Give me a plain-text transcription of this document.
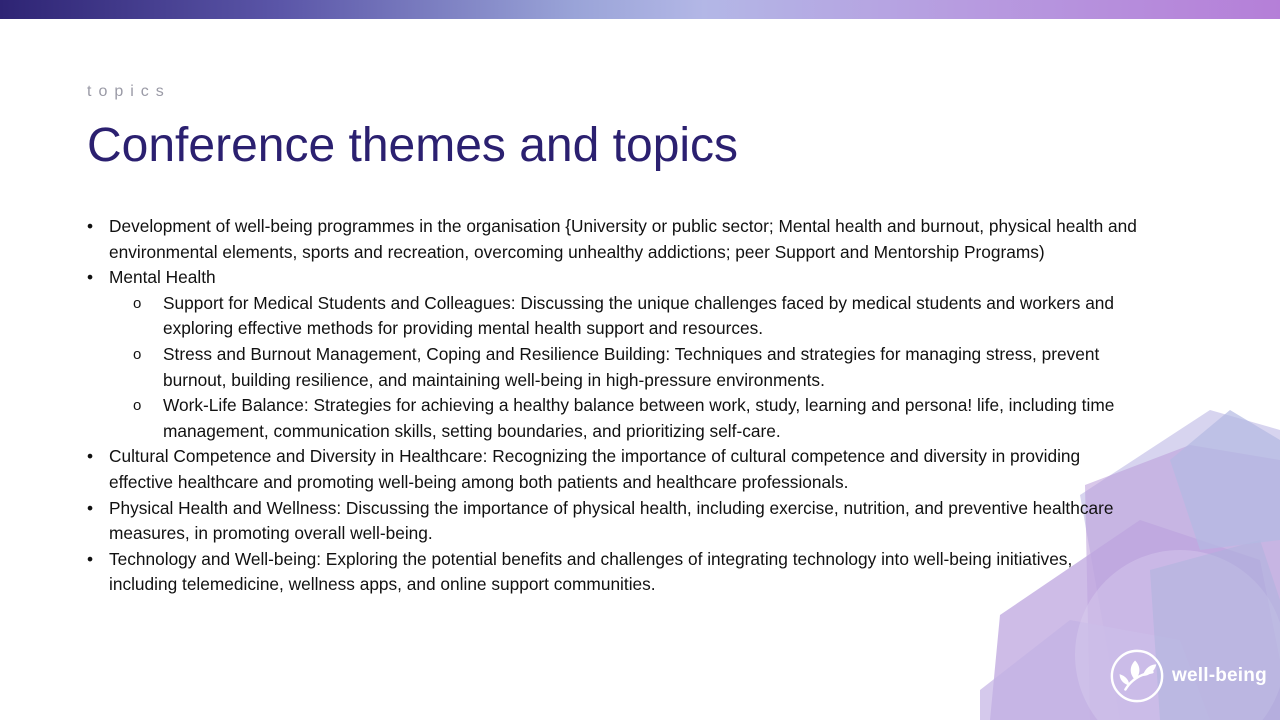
topics
Conference themes and topics
• Development of well-being programmes in the organisation {University or public sector; Mental health and burnout, physical health and environmental elements, sports and recreation, overcoming unhealthy addictions; peer Support and Mentorship Programs)
• Mental Health
o Support for Medical Students and Colleagues: Discussing the unique challenges faced by medical students and workers and exploring effective methods for providing mental health support and resources.
o Stress and Burnout Management, Coping and Resilience Building: Techniques and strategies for managing stress, prevent burnout, building resilience, and maintaining well-being in high-pressure environments.
o Work-Life Balance: Strategies for achieving a healthy balance between work, study, learning and persona! life, including time management, communication skills, setting boundaries, and prioritizing self-care.
• Cultural Competence and Diversity in Healthcare: Recognizing the importance of cultural competence and diversity in providing effective healthcare and promoting well-being among both patients and healthcare professionals.
• Physical Health and Wellness: Discussing the importance of physical health, including exercise, nutrition, and preventive healthcare measures, in promoting overall well-being.
• Technology and Well-being: Exploring the potential benefits and challenges of integrating technology into well-being initiatives, including telemedicine, wellness apps, and online support communities.
well-being
